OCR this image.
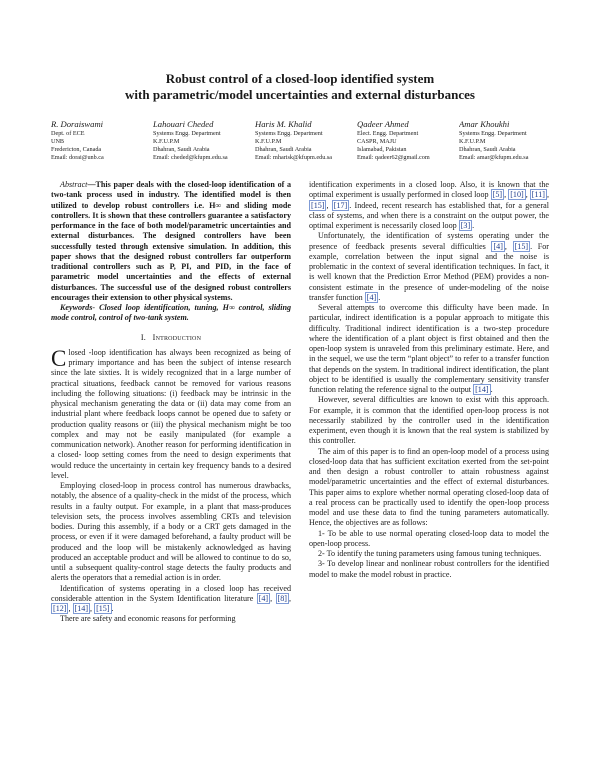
Robust control of a closed-loop identified system
with parametric/model uncertainties and external disturbances
R. Doraiswami
Dept. of ECE
UNB
Fredericton, Canada
Email: dorai@unb.ca
Lahouari Cheded
Systems Engg. Department
K.F.U.P.M
Dhahran, Saudi Arabia
Email: cheded@kfupm.edu.sa
Haris M. Khalid
Systems Engg. Department
K.F.U.P.M
Dhahran, Saudi Arabia
Email: mharisk@kfupm.edu.sa
Qadeer Ahmed
Elect. Engg. Department
CASPR, MAJU
Islamabad, Pakistan
Email: qadeer62@gmail.com
Amar Khoukhi
Systems Engg. Department
K.F.U.P.M
Dhahran, Saudi Arabia
Email: amar@kfupm.edu.sa

Abstract—This paper deals with the closed-loop identification of a two-tank process used in industry. The identified model is then utilized to develop robust controllers i.e. H∞ and sliding mode controllers. It is shown that these controllers guarantee a satisfactory performance in the face of both model/parametric uncertainties and external disturbances. The designed controllers have been successfully tested through extensive simulation. In addition, this paper shows that the designed robust controllers far outperform traditional controllers such as P, PI, and PID, in the face of parametric model uncertainties and the effects of external disturbances. The successful use of the designed robust controllers encourages their extension to other physical systems.

Keywords- Closed loop identification, tuning, H∞ control, sliding mode control, control of two-tank system.

I. Introduction

Closed -loop identification has always been recognized as being of primary importance and has been the subject of intense research since the late sixties. It is widely recognized that in a large number of practical situations, feedback cannot be removed for various reasons including the following situations: (i) feedback may be intrinsic in the physical mechanism generating the data or (ii) data may come from an industrial plant where feedback loops cannot be opened due to safety or production quality reasons or (iii) the physical mechanism might be too complex and may not be easily manipulated (for example a communication network). Another reason for performing identification in a closed- loop setting comes from the need to design experiments that would reduce the uncertainty in certain key frequency bands to a desired level.

Employing closed-loop in process control has numerous drawbacks, notably, the absence of a quality-check in the midst of the process, which results in a faulty output. For example, in a plant that mass-produces television sets, the process involves assembling CRTs and television bodies. During this assembly, if a body or a CRT gets damaged in the process, or even if it were damaged beforehand, a faulty product will be produced and the loop will be mistakenly acknowledged as having produced an acceptable product and will be allowed to continue to do so, until a subsequent quality-control stage detects the faulty products and alerts the operators that a remedial action is in order.

Identification of systems operating in a closed loop has received considerable attention in the System Identification literature [4] , [8] , [12] , [14] , [15] .

There are safety and economic reasons for performing

identification experiments in a closed loop. Also, it is known that the optimal experiment is usually performed in closed loop [5] , [10] , [11] , [15] , [17] . Indeed, recent research has established that, for a general class of systems, and when there is a constraint on the output power, the optimal experiment is necessarily closed loop [3] .

Unfortunately, the identification of systems operating under the presence of feedback presents several difficulties [4] , [15] . For example, correlation between the input signal and the noise is problematic in the context of several identification techniques. In fact, it is well known that the Prediction Error Method (PEM) provides a non-consistent estimate in the presence of under-modeling of the noise transfer function [4] .

Several attempts to overcome this difficulty have been made. In particular, indirect identification is a popular approach to mitigate this difficulty. Traditional indirect identification is a two-step procedure where the identification of a plant object is first obtained and then the open-loop system is unraveled from this preliminary estimate. Here, and in the sequel, we use the term “plant object” to refer to a transfer function that depends on the system. In traditional indirect identification, the plant object to be identified is usually the complementary sensitivity transfer function relating the reference signal to the output [14] .

However, several difficulties are known to exist with this approach. For example, it is common that the identified open-loop process is not necessarily stabilized by the controller used in the identification experiment, even though it is known that the real system is stabilized by this controller.

The aim of this paper is to find an open-loop model of a process using closed-loop data that has sufficient excitation exerted from the set-point and then design a robust controller to attain robustness against model/parametric uncertainties and the effect of external disturbances. This paper aims to explore whether normal operating closed-loop data of a real process can be practically used to identify the open-loop process model and use these data to find the tuning parameters automatically. Hence, the objectives are as follows:

1- To be able to use normal operating closed-loop data to model the open-loop process.

2- To identify the tuning parameters using famous tuning techniques.

3- To develop linear and nonlinear robust controllers for the identified model to make the model robust in practice.
